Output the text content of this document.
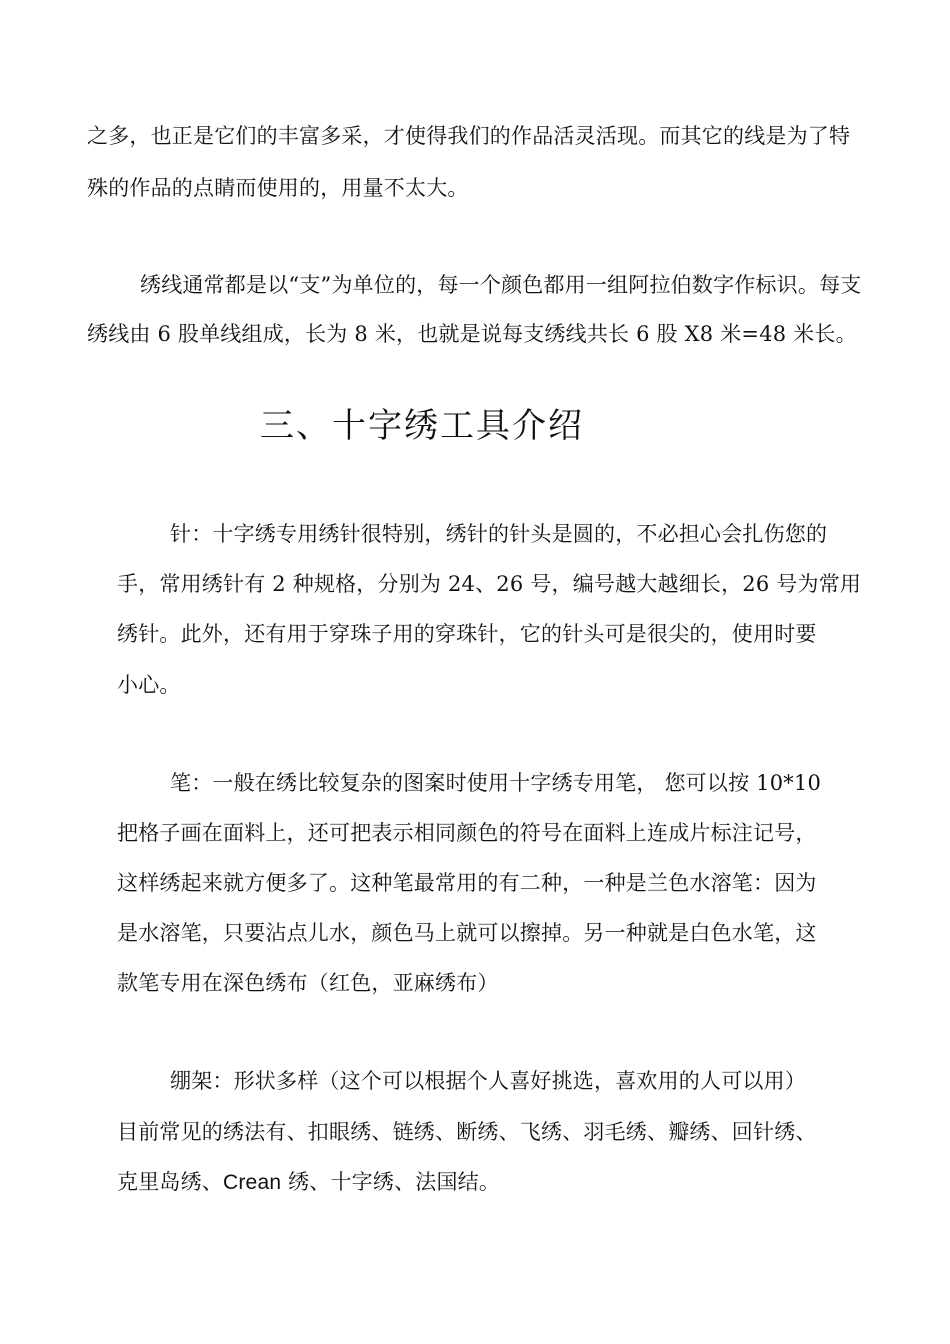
之多，也正是它们的丰富多采，才使得我们的作品活灵活现。而其它的线是为了特
殊的作品的点睛而使用的，用量不太大。
绣线通常都是以“支”为单位的，每一个颜色都用一组阿拉伯数字作标识。每支
绣线由 6 股单线组成，长为 8 米，也就是说每支绣线共长 6 股 X8 米=48 米长。
三、十字绣工具介绍
针：十字绣专用绣针很特别，绣针的针头是圆的，不必担心会扎伤您的
手，常用绣针有 2 种规格，分别为 24、26 号，编号越大越细长，26 号为常用
绣针。此外，还有用于穿珠子用的穿珠针，它的针头可是很尖的，使用时要
小心。
笔：一般在绣比较复杂的图案时使用十字绣专用笔， 您可以按 10*10
把格子画在面料上，还可把表示相同颜色的符号在面料上连成片标注记号，
这样绣起来就方便多了。这种笔最常用的有二种，一种是兰色水溶笔：因为
是水溶笔，只要沾点儿水，颜色马上就可以擦掉。另一种就是白色水笔，这
款笔专用在深色绣布（红色，亚麻绣布）
绷架：形状多样（这个可以根据个人喜好挑选，喜欢用的人可以用）
目前常见的绣法有、扣眼绣、链绣、断绣、飞绣、羽毛绣、瓣绣、回针绣、
克里岛绣、Crean 绣、十字绣、法国结。
